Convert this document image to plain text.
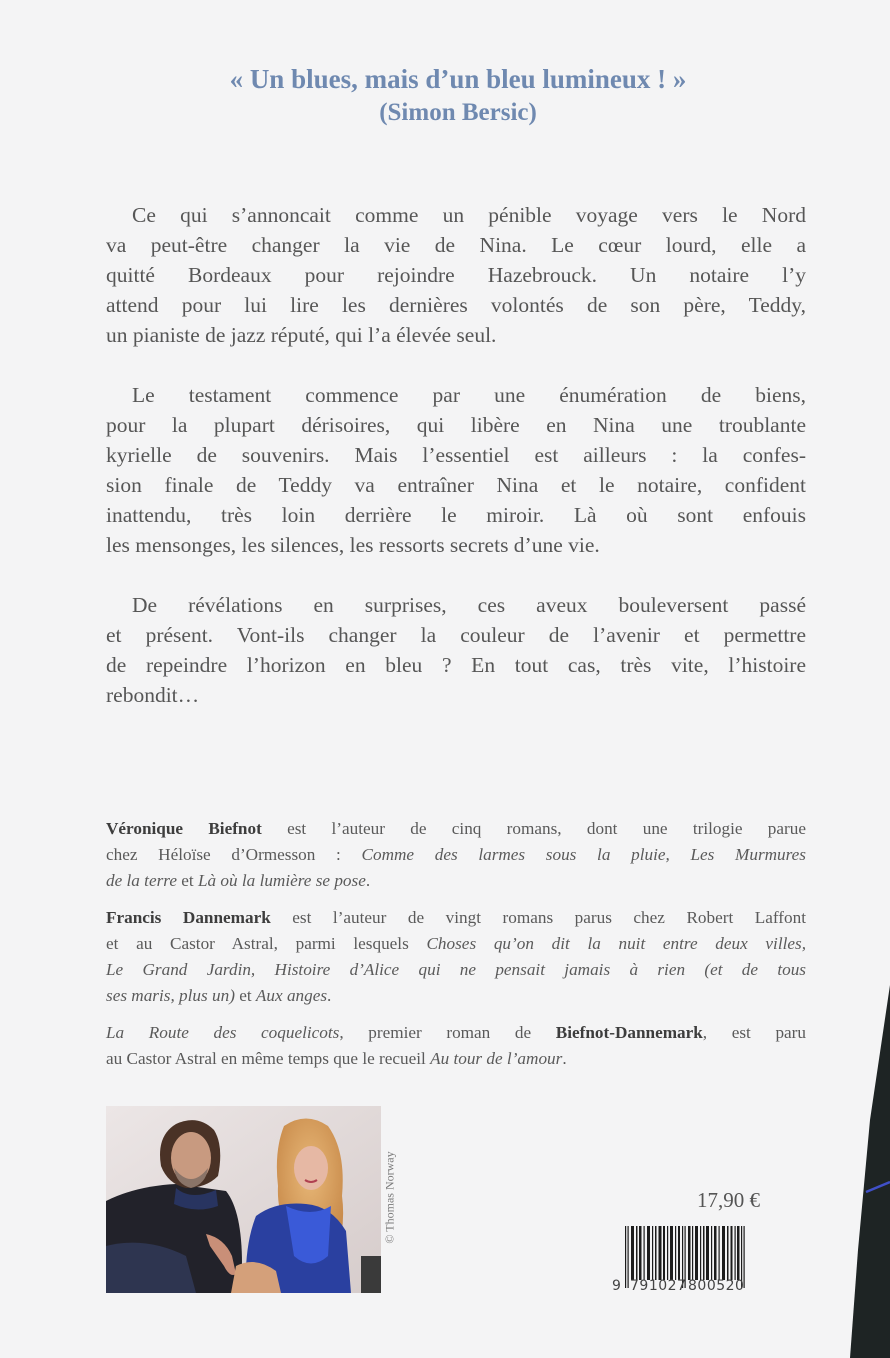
« Un blues, mais d’un bleu lumineux ! »
(Simon Bersic)

Ce qui s’annoncait comme un pénible voyage vers le Nord
va peut-être changer la vie de Nina. Le cœur lourd, elle a
quitté Bordeaux pour rejoindre Hazebrouck. Un notaire l’y
attend pour lui lire les dernières volontés de son père, Teddy,
un pianiste de jazz réputé, qui l’a élevée seul.

Le testament commence par une énumération de biens,
pour la plupart dérisoires, qui libère en Nina une troublante
kyrielle de souvenirs. Mais l’essentiel est ailleurs : la confes-
sion finale de Teddy va entraîner Nina et le notaire, confident
inattendu, très loin derrière le miroir. Là où sont enfouis
les mensonges, les silences, les ressorts secrets d’une vie.

De révélations en surprises, ces aveux bouleversent passé
et présent. Vont-ils changer la couleur de l’avenir et permettre
de repeindre l’horizon en bleu ? En tout cas, très vite, l’histoire
rebondit…

Véronique Biefnot est l’auteur de cinq romans, dont une trilogie parue
chez Héloïse d’Ormesson : Comme des larmes sous la pluie, Les Murmures
de la terre et Là où la lumière se pose.

Francis Dannemark est l’auteur de vingt romans parus chez Robert Laffont
et au Castor Astral, parmi lesquels Choses qu’on dit la nuit entre deux villes,
Le Grand Jardin, Histoire d’Alice qui ne pensait jamais à rien (et de tous
ses maris, plus un) et Aux anges.

La Route des coquelicots, premier roman de Biefnot-Dannemark, est paru
au Castor Astral en même temps que le recueil Au tour de l’amour.

© Thomas Norway	17,90 €
9 791027 800520
